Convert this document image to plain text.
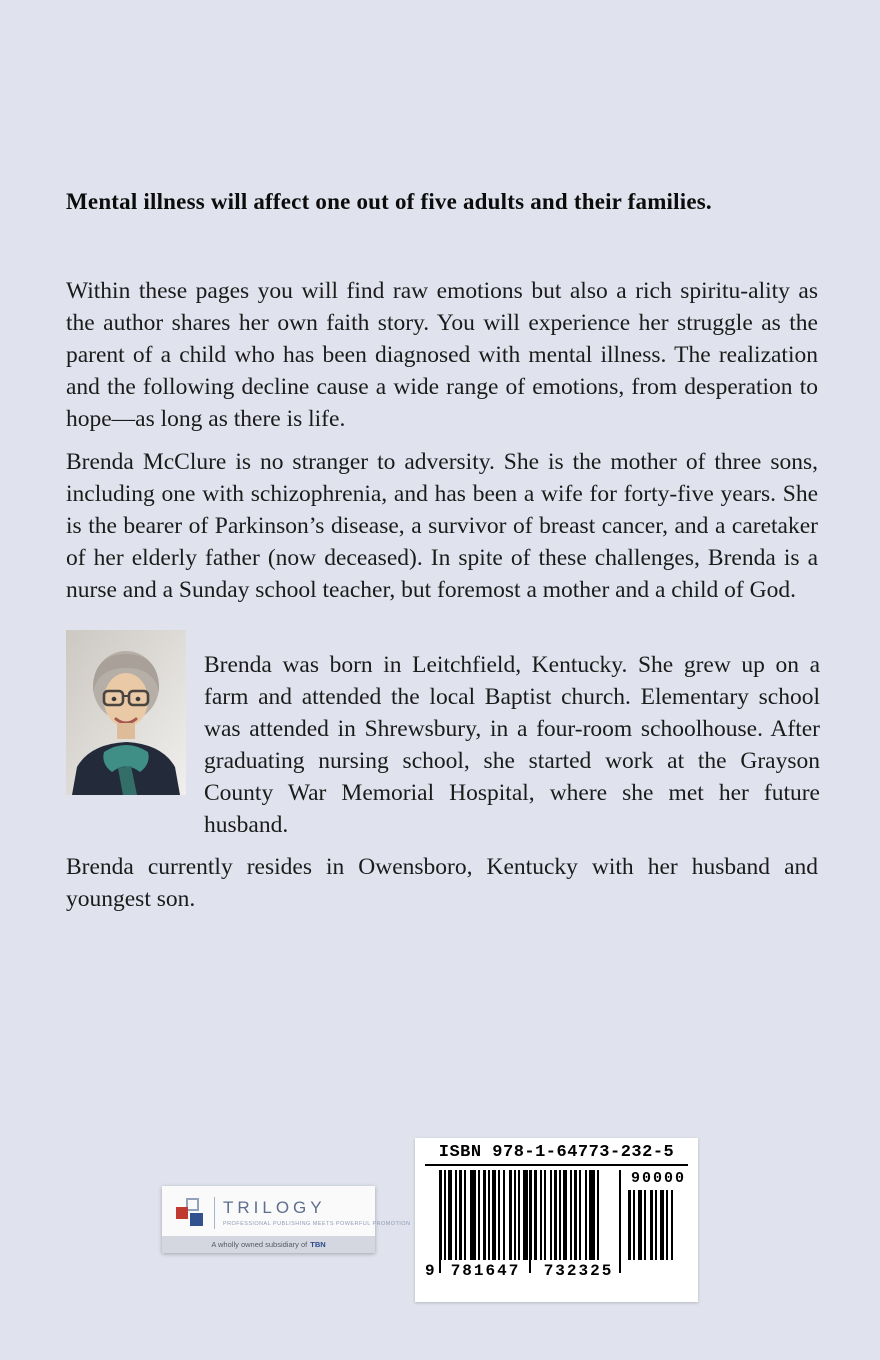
Mental illness will affect one out of five adults and their families.

Within these pages you will find raw emotions but also a rich spiritu-ality as the author shares her own faith story. You will experience her struggle as the parent of a child who has been diagnosed with mental illness. The realization and the following decline cause a wide range of emotions, from desperation to hope—as long as there is life.

Brenda McClure is no stranger to adversity. She is the mother of three sons, including one with schizophrenia, and has been a wife for forty-five years. She is the bearer of Parkinson’s disease, a survivor of breast cancer, and a caretaker of her elderly father (now deceased). In spite of these challenges, Brenda is a nurse and a Sunday school teacher, but foremost a mother and a child of God.

Brenda was born in Leitchfield, Kentucky. She grew up on a farm and attended the local Baptist church. Elementary school was attended in Shrewsbury, in a four-room schoolhouse. After graduating nursing school, she started work at the Grayson County War Memorial Hospital, where she met her future husband.

Brenda currently resides in Owensboro, Kentucky with her husband and youngest son.

TRILOGY
PROFESSIONAL PUBLISHING MEETS POWERFUL PROMOTION
A wholly owned subsidiary of TBN
ISBN 978-1-64773-232-5
9	781647	732325
90000
